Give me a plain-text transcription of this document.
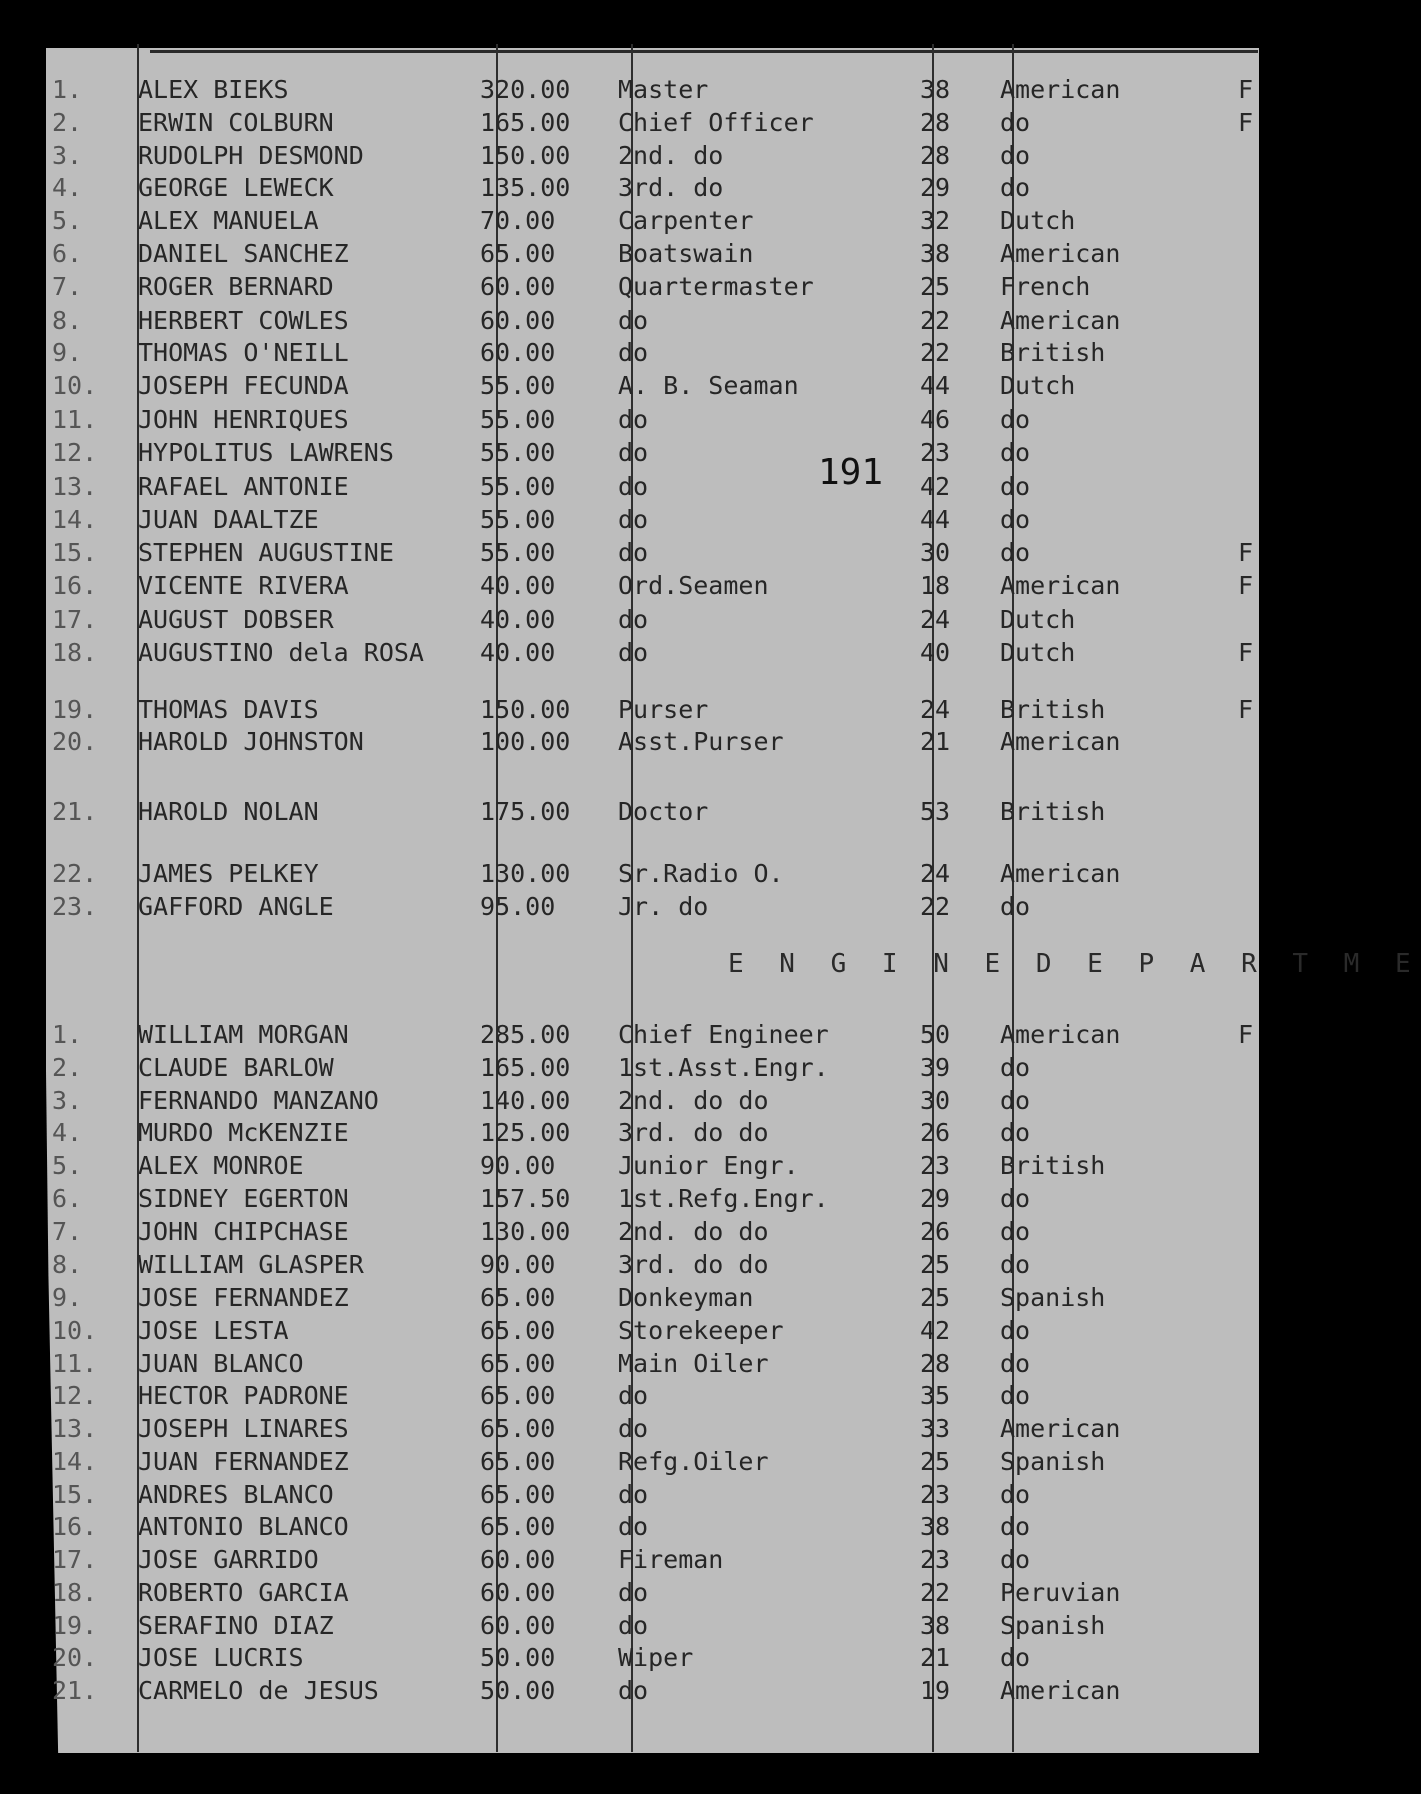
191
E N G I N E D E P A R T M E
1.	ALEX BIEKS	320.00	Master	38	American	F
2.	ERWIN COLBURN	165.00	Chief Officer	28	do	F
3.	RUDOLPH DESMOND	150.00	2nd. do	28	do
4.	GEORGE LEWECK	135.00	3rd. do	29	do
5.	ALEX MANUELA	70.00	Carpenter	32	Dutch
6.	DANIEL SANCHEZ	65.00	Boatswain	38	American
7.	ROGER BERNARD	60.00	Quartermaster	25	French
8.	HERBERT COWLES	60.00	do	22	American
9.	THOMAS O'NEILL	60.00	do	22	British
10.	JOSEPH FECUNDA	55.00	A. B. Seaman	44	Dutch
11.	JOHN HENRIQUES	55.00	do	46	do
12.	HYPOLITUS LAWRENS	55.00	do	23	do
13.	RAFAEL ANTONIE	55.00	do	42	do
14.	JUAN DAALTZE	55.00	do	44	do
15.	STEPHEN AUGUSTINE	55.00	do	30	do	F
16.	VICENTE RIVERA	40.00	Ord.Seamen	18	American	F
17.	AUGUST DOBSER	40.00	do	24	Dutch
18.	AUGUSTINO dela ROSA	40.00	do	40	Dutch	F
19.	THOMAS DAVIS	150.00	Purser	24	British	F
20.	HAROLD JOHNSTON	100.00	Asst.Purser	21	American
21.	HAROLD NOLAN	175.00	Doctor	53	British
22.	JAMES PELKEY	130.00	Sr.Radio O.	24	American
23.	GAFFORD ANGLE	95.00	Jr. do	22	do
1.	WILLIAM MORGAN	285.00	Chief Engineer	50	American	F
2.	CLAUDE BARLOW	165.00	1st.Asst.Engr.	39	do
3.	FERNANDO MANZANO	140.00	2nd. do do	30	do
4.	MURDO McKENZIE	125.00	3rd. do do	26	do
5.	ALEX MONROE	90.00	Junior Engr.	23	British
6.	SIDNEY EGERTON	157.50	1st.Refg.Engr.	29	do
7.	JOHN CHIPCHASE	130.00	2nd. do do	26	do
8.	WILLIAM GLASPER	90.00	3rd. do do	25	do
9.	JOSE FERNANDEZ	65.00	Donkeyman	25	Spanish
10.	JOSE LESTA	65.00	Storekeeper	42	do
11.	JUAN BLANCO	65.00	Main Oiler	28	do
12.	HECTOR PADRONE	65.00	do	35	do
13.	JOSEPH LINARES	65.00	do	33	American
14.	JUAN FERNANDEZ	65.00	Refg.Oiler	25	Spanish
15.	ANDRES BLANCO	65.00	do	23	do
16.	ANTONIO BLANCO	65.00	do	38	do
17.	JOSE GARRIDO	60.00	Fireman	23	do
18.	ROBERTO GARCIA	60.00	do	22	Peruvian
19.	SERAFINO DIAZ	60.00	do	38	Spanish
20.	JOSE LUCRIS	50.00	Wiper	21	do
21.	CARMELO de JESUS	50.00	do	19	American
